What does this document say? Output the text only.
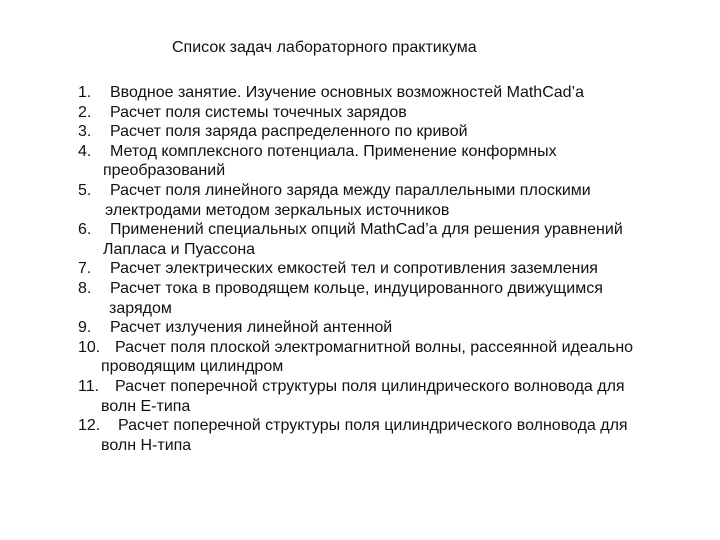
Список задач лабораторного практикума
1. Вводное занятие. Изучение основных возможностей MathCad’a
2. Расчет поля системы точечных зарядов
3. Расчет поля заряда распределенного по кривой
4. Метод комплексного потенциала. Применение конформных
преобразований
5. Расчет поля линейного заряда между параллельными плоскими
электродами методом зеркальных источников
6. Применений специальных опций MathCad’a для решения уравнений
Лапласа и Пуассона
7. Расчет электрических емкостей тел и сопротивления заземления
8. Расчет тока в проводящем кольце, индуцированного движущимся
зарядом
9. Расчет излучения линейной антенной
10. Расчет поля плоской электромагнитной волны, рассеянной идеально
проводящим цилиндром
11. Расчет поперечной структуры поля цилиндрического волновода для
волн Е-типа
12. Расчет поперечной структуры поля цилиндрического волновода для
волн Н-типа
